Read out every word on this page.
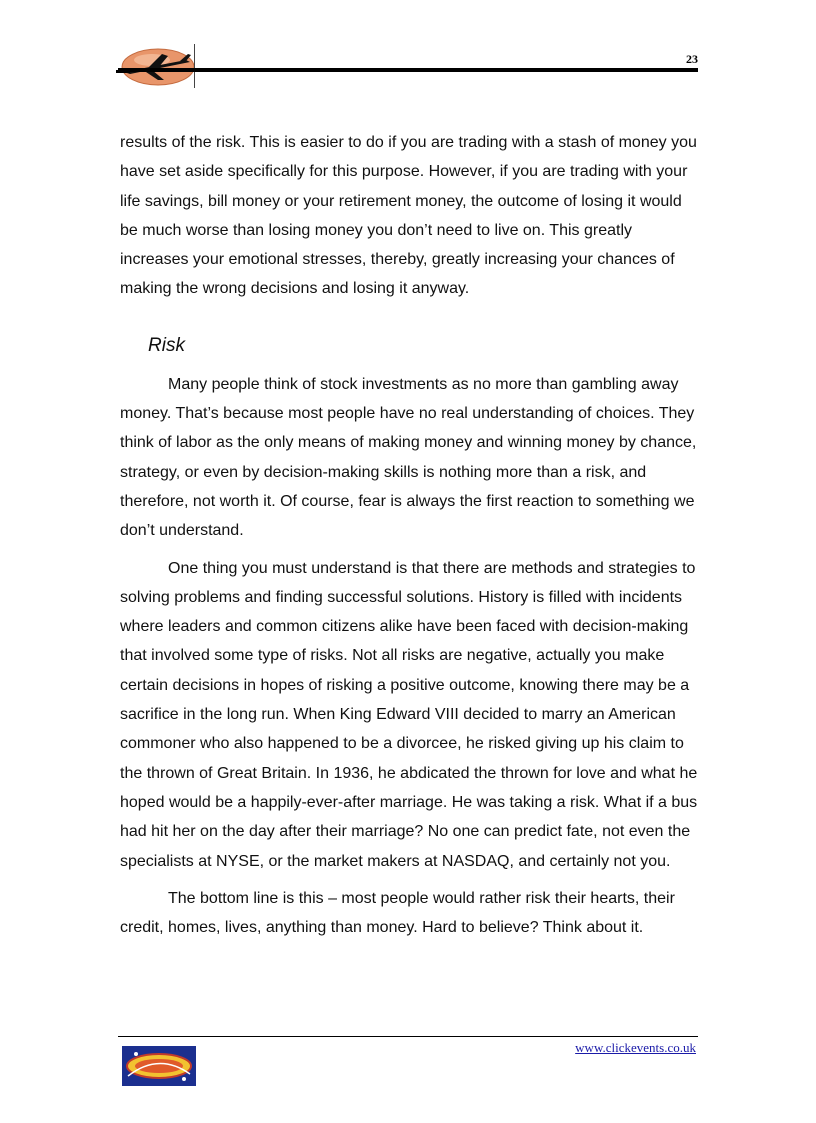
23

results of the risk. This is easier to do if you are trading with a stash of money you have set aside specifically for this purpose. However, if you are trading with your life savings, bill money or your retirement money, the outcome of losing it would be much worse than losing money you don’t need to live on. This greatly increases your emotional stresses, thereby, greatly increasing your chances of making the wrong decisions and losing it anyway.

Risk

Many people think of stock investments as no more than gambling away money. That’s because most people have no real understanding of choices. They think of labor as the only means of making money and winning money by chance, strategy, or even by decision-making skills is nothing more than a risk, and therefore, not worth it. Of course, fear is always the first reaction to something we don’t understand.

One thing you must understand is that there are methods and strategies to solving problems and finding successful solutions. History is filled with incidents where leaders and common citizens alike have been faced with decision-making that involved some type of risks. Not all risks are negative, actually you make certain decisions in hopes of risking a positive outcome, knowing there may be a sacrifice in the long run. When King Edward VIII decided to marry an American commoner who also happened to be a divorcee, he risked giving up his claim to the thrown of Great Britain. In 1936, he abdicated the thrown for love and what he hoped would be a happily-ever-after marriage. He was taking a risk. What if a bus had hit her on the day after their marriage? No one can predict fate, not even the specialists at NYSE, or the market makers at NASDAQ, and certainly not you.

The bottom line is this – most people would rather risk their hearts, their credit, homes, lives, anything than money. Hard to believe? Think about it.

www.clickevents.co.uk
